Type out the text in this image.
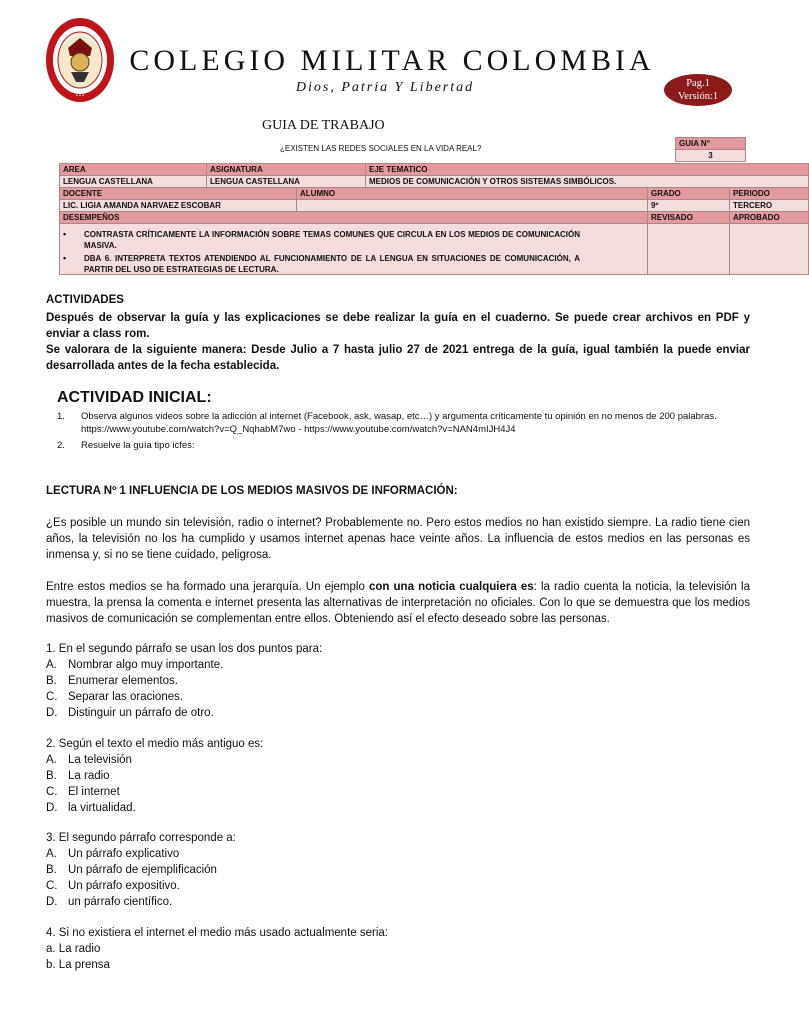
• • •
COLEGIO MILITAR COLOMBIA
Dios, Patria Y Libertad	Pag.1
Versión:1
GUIA DE TRABAJO
¿EXISTEN LAS REDES SOCIALES EN LA VIDA REAL?
GUIA N°
3
AREA	ASIGNATURA		EJE TEMATICO		
LENGUA CASTELLANA	LENGUA CASTELLANA		MEDIOS DE COMUNICACIÓN Y OTROS SISTEMAS SIMBÓLICOS.		
DOCENTE		ALUMNO		GRADO	PERIODO
LIC. LIGIA AMANDA NARVAEZ ESCOBAR				9º	TERCERO
DESEMPEÑOS				REVISADO	APROBADO

• CONTRASTA CRÍTICAMENTE LA INFORMACIÓN SOBRE TEMAS COMUNES QUE CIRCULA EN LOS MEDIOS DE COMUNICACIÓN MASIVA.
• DBA 6. INTERPRETA TEXTOS ATENDIENDO AL FUNCIONAMIENTO DE LA LENGUA EN SITUACIONES DE COMUNICACIÓN, A PARTIR DEL USO DE ESTRATEGIAS DE LECTURA.
ACTIVIDADES
Después de observar la guía y las explicaciones se debe realizar la guía en el cuaderno. Se puede crear archivos en PDF y enviar a class rom.
Se valorara de la siguiente manera: Desde Julio a 7 hasta julio 27 de 2021 entrega de la guía, igual también la puede enviar desarrollada antes de la fecha establecida.
ACTIVIDAD INICIAL:
1. Observa algunos videos sobre la adicción al internet (Facebook, ask, wasap, etc…) y argumenta críticamente tu opinión en no menos de 200 palabras.
https://www.youtube.com/watch?v=Q_NqhabM7wo - https://www.youtube.com/watch?v=NAN4mIJH4J4
2. Resuelve la guía tipo icfes:
LECTURA Nº 1 INFLUENCIA DE LOS MEDIOS MASIVOS DE INFORMACIÓN:
¿Es posible un mundo sin televisión, radio o internet? Probablemente no. Pero estos medios no han existido siempre. La radio tiene cien años, la televisión no los ha cumplido y usamos internet apenas hace veinte años. La influencia de estos medios en las personas es inmensa y, si no se tiene cuidado, peligrosa.
Entre estos medios se ha formado una jerarquía. Un ejemplo con una noticia cualquiera es: la radio cuenta la noticia, la televisión la muestra, la prensa la comenta e internet presenta las alternativas de interpretación no oficiales. Con lo que se demuestra que los medios masivos de comunicación se complementan entre ellos. Obteniendo así el efecto deseado sobre las personas.
1. En el segundo párrafo se usan los dos puntos para:
A. Nombrar algo muy importante.
B. Enumerar elementos.
C. Separar las oraciones.
D. Distinguir un párrafo de otro.
2. Según el texto el medio más antiguo es:
A. La televisión
B. La radio
C. El internet
D. la virtualidad.
3. El segundo párrafo corresponde a:
A. Un párrafo explicativo
B. Un párrafo de ejemplificación
C. Un párrafo expositivo.
D. un párrafo científico.
4. Si no existiera el internet el medio más usado actualmente seria:
a. La radio
b. La prensa
